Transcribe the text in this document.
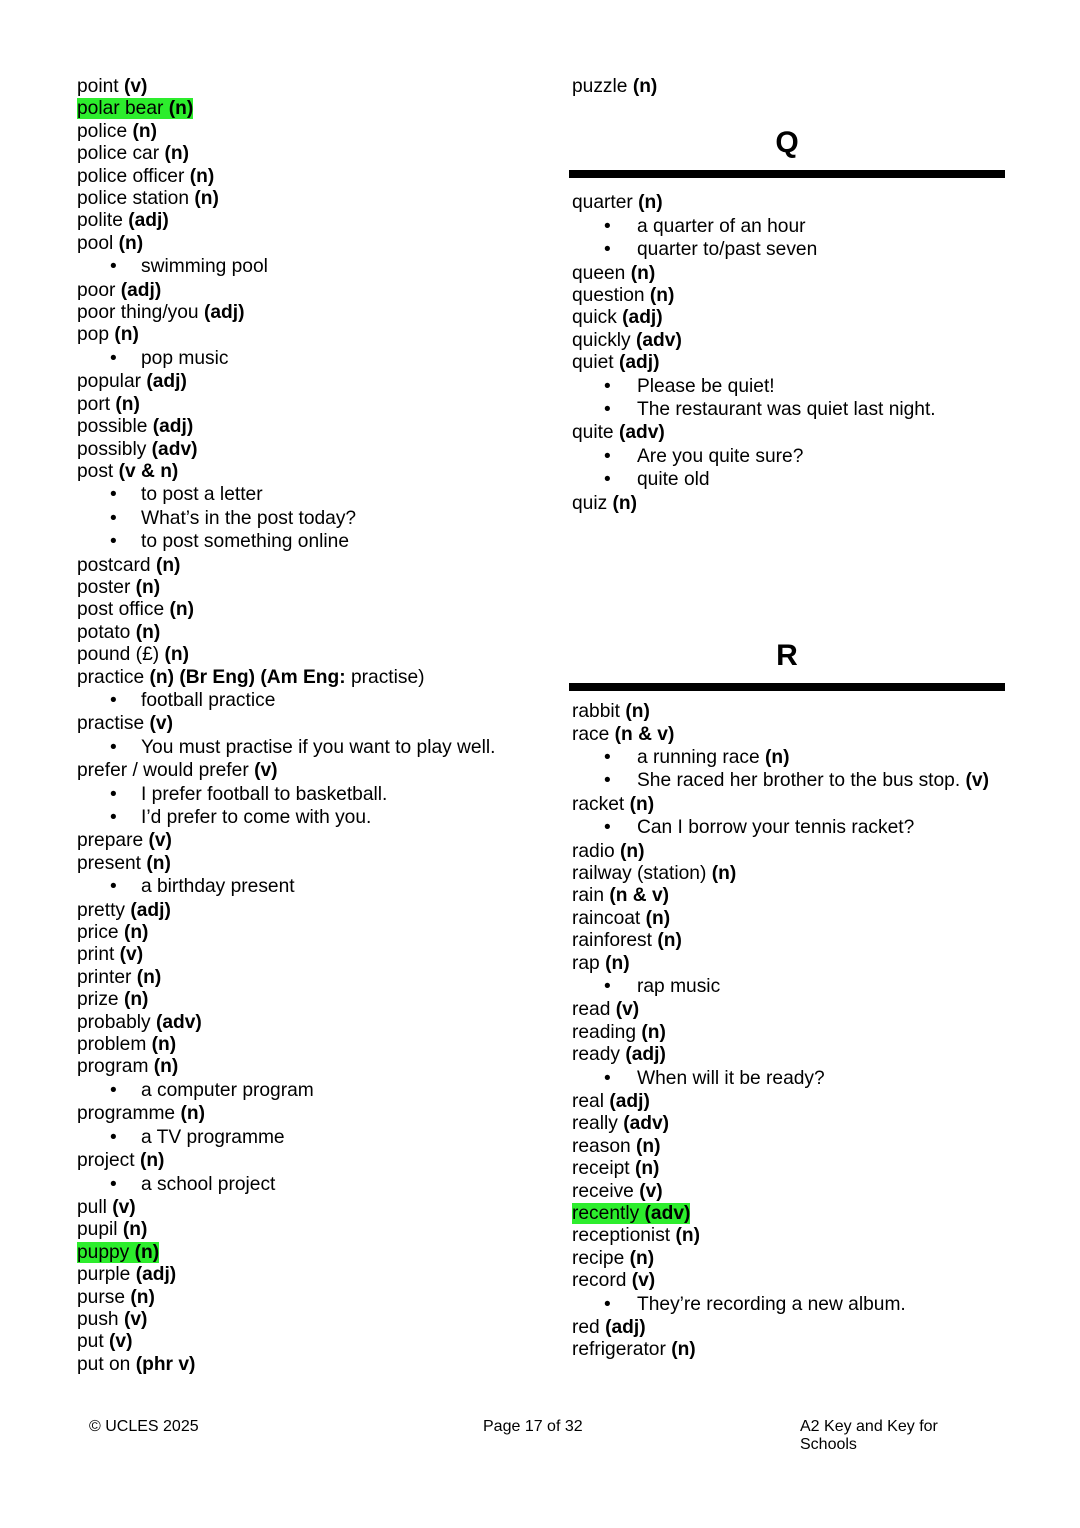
point (v)
polar bear (n)
police (n)
police car (n)
police officer (n)
police station (n)
polite (adj)
pool (n)
• swimming pool
poor (adj)
poor thing/you (adj)
pop (n)
• pop music
popular (adj)
port (n)
possible (adj)
possibly (adv)
post (v & n)
• to post a letter
• What’s in the post today?
• to post something online
postcard (n)
poster (n)
post office (n)
potato (n)
pound (£) (n)
practice (n) (Br Eng) (Am Eng: practise)
• football practice
practise (v)
• You must practise if you want to play well.
prefer / would prefer (v)
• I prefer football to basketball.
• I’d prefer to come with you.
prepare (v)
present (n)
• a birthday present
pretty (adj)
price (n)
print (v)
printer (n)
prize (n)
probably (adv)
problem (n)
program (n)
• a computer program
programme (n)
• a TV programme
project (n)
• a school project
pull (v)
pupil (n)
puppy (n)
purple (adj)
purse (n)
push (v)
put (v)
put on (phr v)
puzzle (n)
Q
quarter (n)
• a quarter of an hour
• quarter to/past seven
queen (n)
question (n)
quick (adj)
quickly (adv)
quiet (adj)
• Please be quiet!
• The restaurant was quiet last night.
quite (adv)
• Are you quite sure?
• quite old
quiz (n)
R
rabbit (n)
race (n & v)
• a running race (n)
• She raced her brother to the bus stop. (v)
racket (n)
• Can I borrow your tennis racket?
radio (n)
railway (station) (n)
rain (n & v)
raincoat (n)
rainforest (n)
rap (n)
• rap music
read (v)
reading (n)
ready (adj)
• When will it be ready?
real (adj)
really (adv)
reason (n)
receipt (n)
receive (v)
recently (adv)
receptionist (n)
recipe (n)
record (v)
• They’re recording a new album.
red (adj)
refrigerator (n)
© UCLES 2025	Page 17 of 32	A2 Key and Key for Schools
